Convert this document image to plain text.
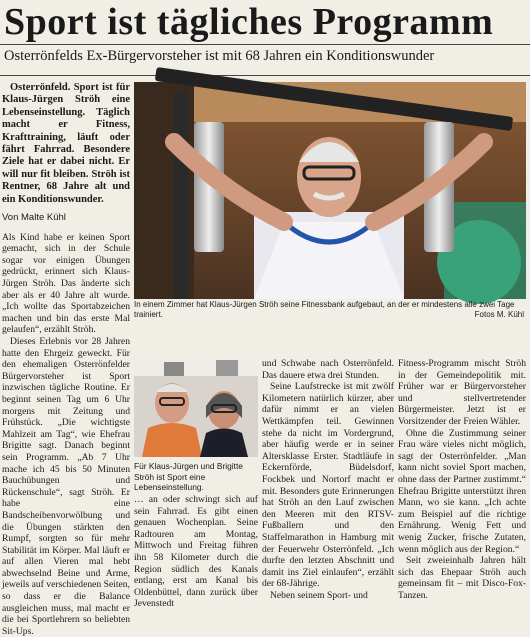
Sport ist tägliches Programm
Osterrönfelds Ex-Bürgervorsteher ist mit 68 Jahren ein Konditionswunder

Osterrönfeld. Sport ist für Klaus-Jürgen Ströh eine Lebenseinstellung. Täglich macht er Fitness, Krafttraining, läuft oder fährt Fahrrad. Besondere Ziele hat er dabei nicht. Er will nur fit bleiben. Ströh ist Rentner, 68 Jahre alt und ein Konditionswunder.

Von Malte Kühl

Als Kind habe er keinen Sport gemacht, sich in der Schule sogar vor einigen Übungen gedrückt, erinnert sich Klaus-Jürgen Ströh. Das änderte sich aber als er 40 Jahre alt wurde. „Ich wollte das Sportabzeichen machen und bin das erste Mal gelaufen“, erzählt Ströh.

Dieses Erlebnis vor 28 Jahren hatte den Ehrgeiz geweckt. Für den ehemaligen Osterrönfelder Bürgervorsteher ist Sport inzwischen tägliche Routine. Er beginnt seinen Tag um 6 Uhr morgens mit Zeitung und Frühstück. „Die wichtigste Mahlzeit am Tag“, wie Ehefrau Brigitte sagt. Danach beginnt sein Programm. „Ab 7 Uhr mache ich 45 bis 50 Minuten Bauchübungen und Rückenschule“, sagt Ströh. Er habe eine Bandscheibenvorwölbung und die Übungen stärkten den Rumpf, sorgten so für mehr Stabilität im Körper. Mal läuft er auf allen Vieren mal hebt abwechselnd Beine und Arme, jeweils auf verschiedenen Seiten, so dass er die Balance ausgleichen muss, mal macht er die bei Sportlehrern so beliebten Sit-Ups.

In einem Zimmer hat Klaus-Jürgen Ströh seine Fitnessbank aufgebaut, an der er mindestens alle zwei Tage trainiert.	Fotos M. Kühl
Für Klaus-Jürgen und Brigitte Ströh ist Sport eine Lebenseinstellung.
… an oder schwingt sich auf sein Fahrrad. Es gibt einen genauen Wochenplan. Seine Radtouren am Montag, Mittwoch und Freitag führen ihn 58 Kilometer durch die Region südlich des Kanals entlang, erst am Kanal bis Oldenbüttel, dann zurück über Jevenstedt

und Schwabe nach Osterrönfeld. Das dauere etwa drei Stunden.

Seine Laufstrecke ist mit zwölf Kilometern natürlich kürzer, aber dafür nimmt er an vielen Wettkämpfen teil. Gewinnen stehe da nicht im Vordergrund, aber häufig werde er in seiner Altersklasse Erster. Stadtläufe in Eckernförde, Büdelsdorf, Fockbek und Nortorf macht er mit. Besonders gute Erinnerungen hat Ströh an den Lauf zwischen den Meeren mit den RTSV-Fußballern und den Staffelmarathon in Hamburg mit der Feuerwehr Osterrönfeld. „Ich durfte den letzten Abschnitt und damit ins Ziel einlaufen“, erzählt der 68-Jährige.

Neben seinem Sport- und

Fitness-Programm mischt Ströh in der Gemeindepolitik mit. Früher war er Bürgervorsteher und stellvertretender Bürgermeister. Jetzt ist er Vorsitzender der Freien Wähler.

Ohne die Zustimmung seiner Frau wäre vieles nicht möglich, sagt der Osterrönfelder. „Man kann nicht soviel Sport machen, ohne dass der Partner zustimmt.“ Ehefrau Brigitte unterstützt ihren Mann, wo sie kann. „Ich achte zum Beispiel auf die richtige Ernährung. Wenig Fett und wenig Zucker, frische Zutaten, wenn möglich aus der Region.“

Seit zweieinhalb Jahren hält sich das Ehepaar Ströh auch gemeinsam fit – mit Disco-Fox-Tanzen.
